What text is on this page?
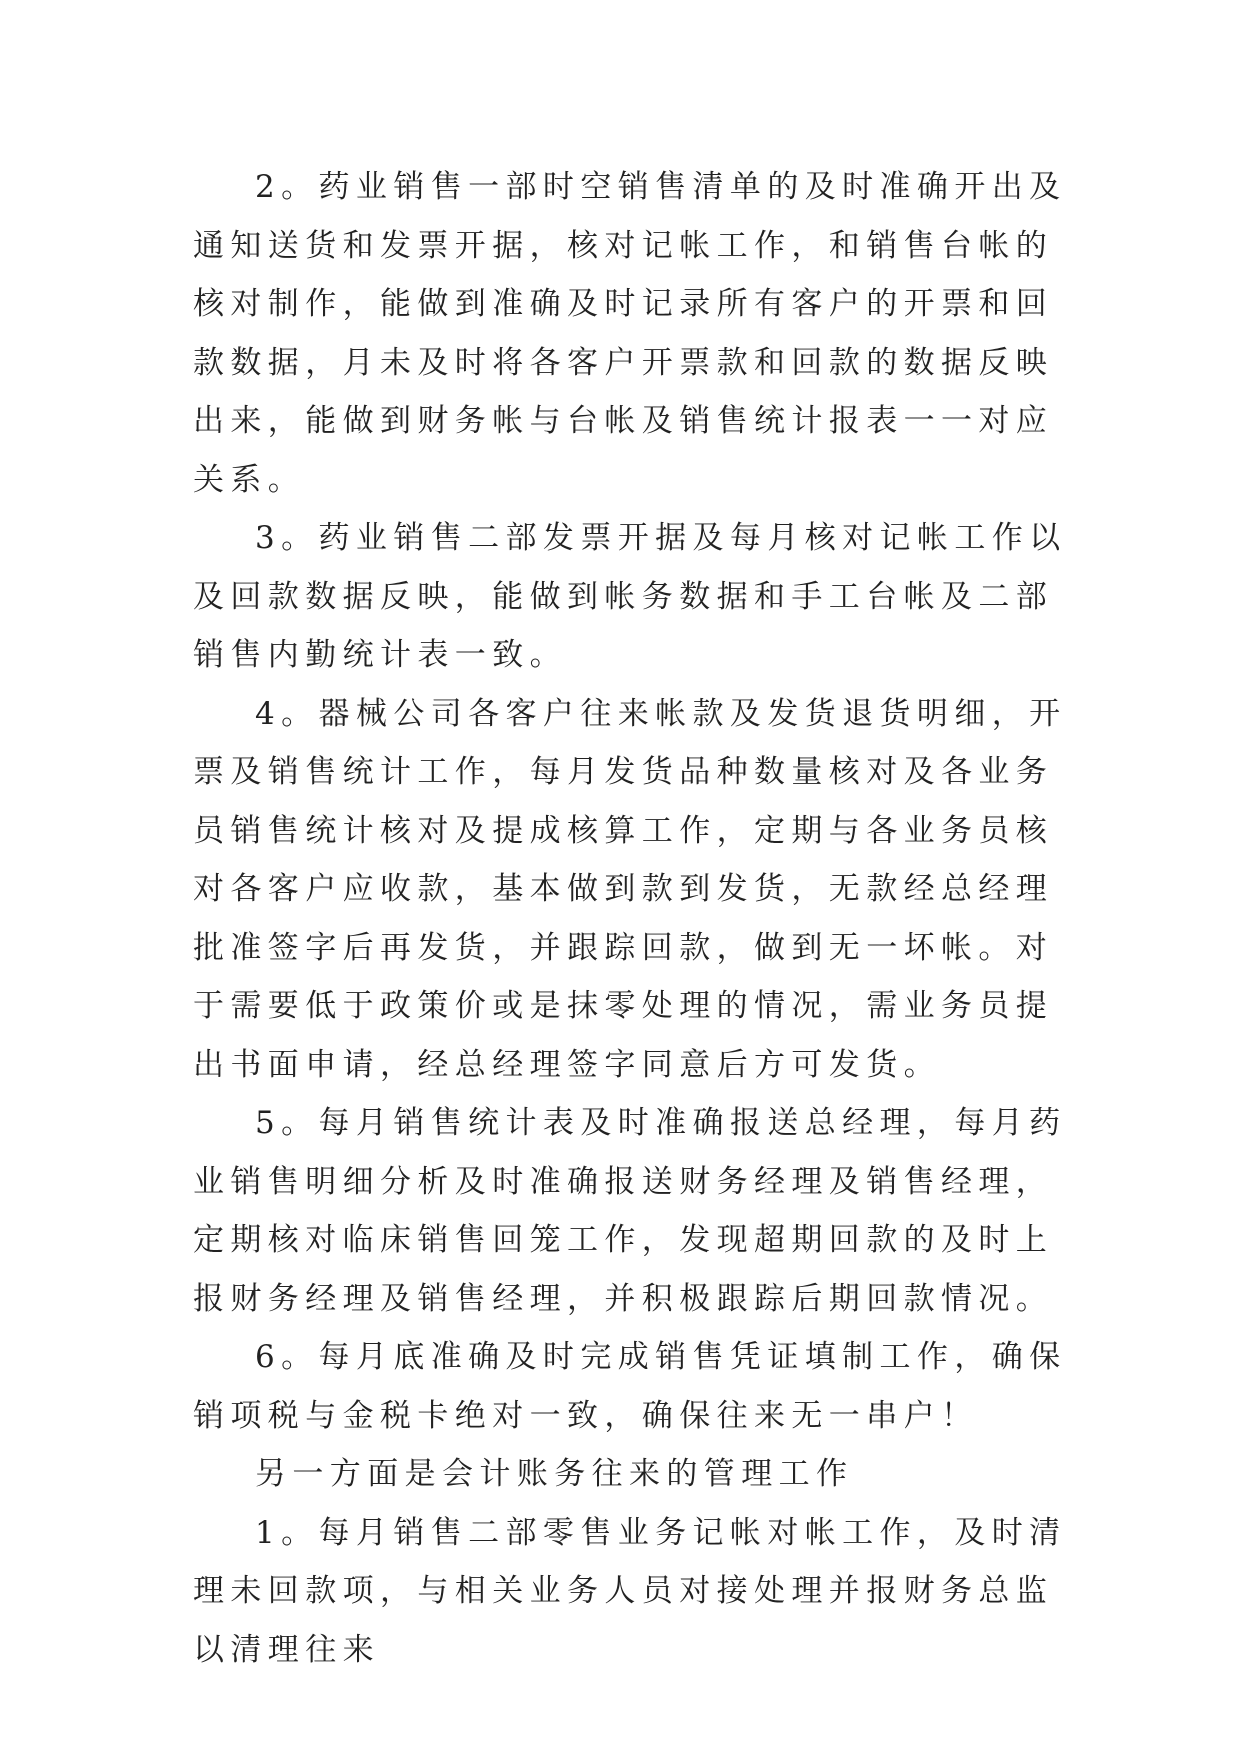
2。药业销售一部时空销售清单的及时准确开出及通知送货和发票开据，核对记帐工作，和销售台帐的核对制作，能做到准确及时记录所有客户的开票和回款数据，月未及时将各客户开票款和回款的数据反映出来，能做到财务帐与台帐及销售统计报表一一对应关系。

3。药业销售二部发票开据及每月核对记帐工作以及回款数据反映，能做到帐务数据和手工台帐及二部销售内勤统计表一致。

4。器械公司各客户往来帐款及发货退货明细，开票及销售统计工作，每月发货品种数量核对及各业务员销售统计核对及提成核算工作，定期与各业务员核对各客户应收款，基本做到款到发货，无款经总经理批准签字后再发货，并跟踪回款，做到无一坏帐。对于需要低于政策价或是抹零处理的情况，需业务员提出书面申请，经总经理签字同意后方可发货。

5。每月销售统计表及时准确报送总经理，每月药业销售明细分析及时准确报送财务经理及销售经理，定期核对临床销售回笼工作，发现超期回款的及时上报财务经理及销售经理，并积极跟踪后期回款情况。

6。每月底准确及时完成销售凭证填制工作，确保销项税与金税卡绝对一致，确保往来无一串户！

另一方面是会计账务往来的管理工作

1。每月销售二部零售业务记帐对帐工作，及时清理未回款项，与相关业务人员对接处理并报财务总监以清理往来
